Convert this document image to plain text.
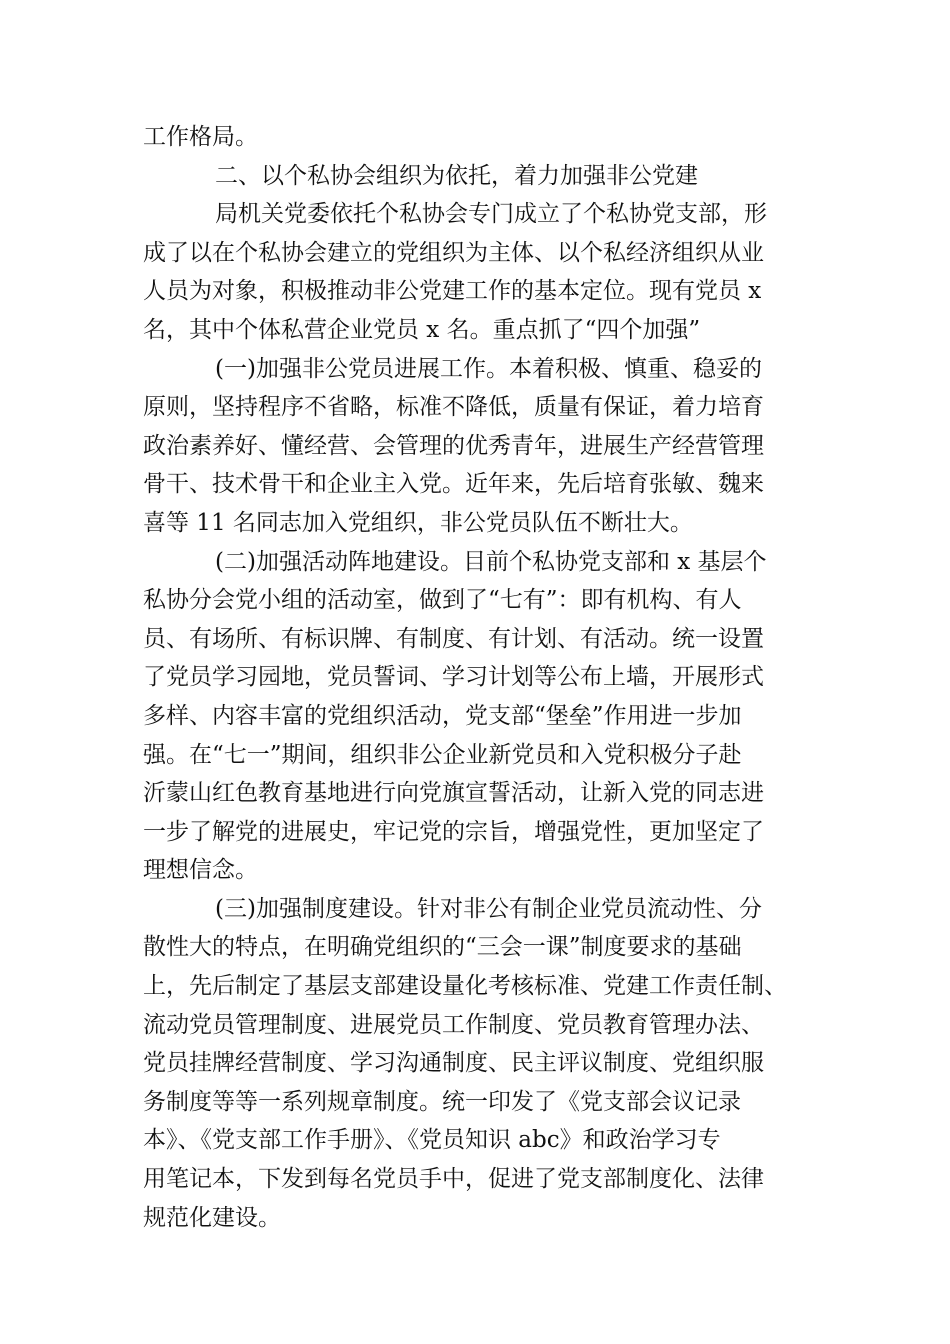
工作格局。
二、以个私协会组织为依托，着力加强非公党建
局机关党委依托个私协会专门成立了个私协党支部，形
成了以在个私协会建立的党组织为主体、以个私经济组织从业
人员为对象，积极推动非公党建工作的基本定位。现有党员 x
名，其中个体私营企业党员 x 名。重点抓了“四个加强”
(一)加强非公党员进展工作。本着积极、慎重、稳妥的
原则，坚持程序不省略，标准不降低，质量有保证，着力培育
政治素养好、懂经营、会管理的优秀青年，进展生产经营管理
骨干、技术骨干和企业主入党。近年来，先后培育张敏、魏来
喜等 11 名同志加入党组织，非公党员队伍不断壮大。
(二)加强活动阵地建设。目前个私协党支部和 x 基层个
私协分会党小组的活动室，做到了“七有”：即有机构、有人
员、有场所、有标识牌、有制度、有计划、有活动。统一设置
了党员学习园地，党员誓词、学习计划等公布上墙，开展形式
多样、内容丰富的党组织活动，党支部“堡垒”作用进一步加
强。在“七一”期间，组织非公企业新党员和入党积极分子赴
沂蒙山红色教育基地进行向党旗宣誓活动，让新入党的同志进
一步了解党的进展史，牢记党的宗旨，增强党性，更加坚定了
理想信念。
(三)加强制度建设。针对非公有制企业党员流动性、分
散性大的特点，在明确党组织的“三会一课”制度要求的基础
上，先后制定了基层支部建设量化考核标准、党建工作责任制、
流动党员管理制度、进展党员工作制度、党员教育管理办法、
党员挂牌经营制度、学习沟通制度、民主评议制度、党组织服
务制度等等一系列规章制度。统一印发了《党支部会议记录
本》、《党支部工作手册》、《党员知识 abc》和政治学习专
用笔记本，下发到每名党员手中，促进了党支部制度化、法律
规范化建设。
